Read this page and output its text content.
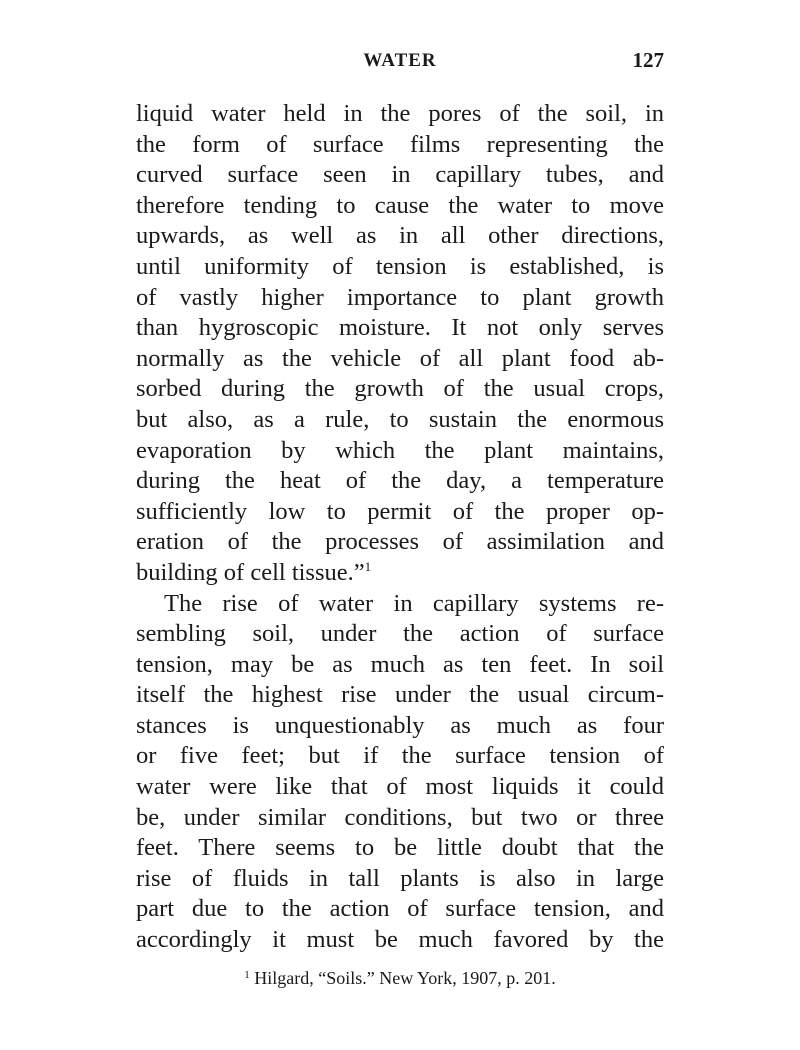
WATER	127
liquid water held in the pores of the soil, in
the form of surface films representing the
curved surface seen in capillary tubes, and
therefore tending to cause the water to move
upwards, as well as in all other directions,
until uniformity of tension is established, is
of vastly higher importance to plant growth
than hygroscopic moisture. It not only serves
normally as the vehicle of all plant food ab-
sorbed during the growth of the usual crops,
but also, as a rule, to sustain the enormous
evaporation by which the plant maintains,
during the heat of the day, a temperature
sufficiently low to permit of the proper op-
eration of the processes of assimilation and
building of cell tissue.”$^1$
The rise of water in capillary systems re-
sembling soil, under the action of surface
tension, may be as much as ten feet. In soil
itself the highest rise under the usual circum-
stances is unquestionably as much as four
or five feet; but if the surface tension of
water were like that of most liquids it could
be, under similar conditions, but two or three
feet. There seems to be little doubt that the
rise of fluids in tall plants is also in large
part due to the action of surface tension, and
accordingly it must be much favored by the
$^1$ Hilgard, “Soils.” New York, 1907, p. 201.
